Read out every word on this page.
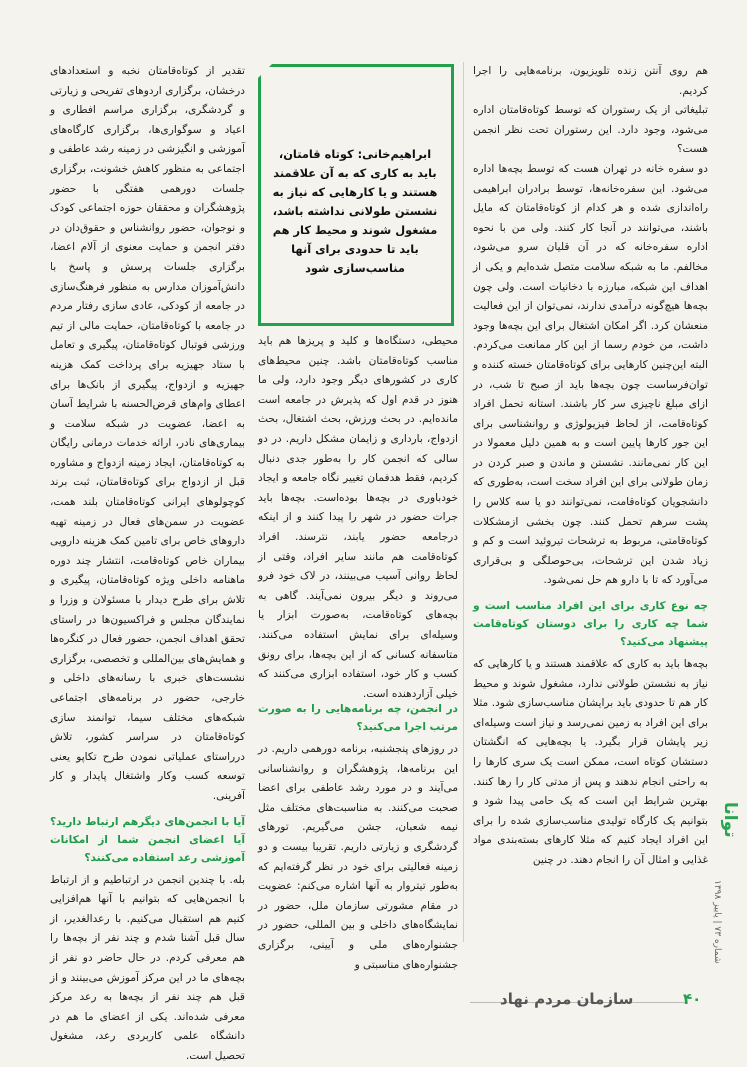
هم روی آنتن زنده تلویزیون، برنامه‌هایی را اجرا کردیم.

تبلیغاتی از یک رستوران که توسط کوتاه‌قامتان اداره می‌شود، وجود دارد. این رستوران تحت نظر انجمن هست؟

دو سفره خانه در تهران هست که توسط بچه‌ها اداره می‌شود. این سفره‌خانه‌ها، توسط برادران ابراهیمی راه‌اندازی شده و هر کدام از کوتاه‌قامتان که مایل باشند، می‌توانند در آنجا کار کنند. ولی من با نحوه اداره سفره‌خانه که در آن قلیان سرو می‌شود، مخالفم. ما به شبکه سلامت متصل شده‌ایم و یکی از اهداف این شبکه، مبارزه با دخانیات است. ولی چون بچه‌ها هیچ‌گونه درآمدی ندارند، نمی‌توان از این فعالیت منعشان کرد. اگر امکان اشتغال برای این بچه‌ها وجود داشت، من خودم رسما از این کار ممانعت می‌کردم. البته این‌چنین کارهایی برای کوتاه‌قامتان خسته کننده و توان‌فرساست چون بچه‌ها باید از صبح تا شب، در ازای مبلغ ناچیزی سر کار باشند. استانه تحمل افراد کوتاه‌قامت، از لحاظ فیزیولوژی و روانشناسی برای این جور کارها پایین است و به همین دلیل معمولا در این کار نمی‌مانند. نشستن و ماندن و صبر کردن در زمان طولانی برای این افراد سخت است، به‌طوری که دانشجویان کوتاه‌قامت، نمی‌توانند دو یا سه کلاس را پشت سرهم تحمل کنند. چون بخشی ازمشکلات کوتاه‌قامتی، مربوط به ترشحات تیروئید است و کم و زیاد شدن این ترشحات، بی‌حوصلگی و بی‌قراری می‌آورد که تا با دارو هم حل نمی‌شود.

چه نوع کاری برای این افراد مناسب است و شما چه کاری را برای دوستان کوتاه‌قامت پیشنهاد می‌کنید؟

بچه‌ها باید به کاری که علاقمند هستند و یا کارهایی که نیاز به نشستن طولانی ندارد، مشغول شوند و محیط کار هم تا حدودی باید برایشان مناسب‌سازی شود. مثلا برای این افراد به زمین نمی‌رسد و نیاز است وسیله‌ای زیر پایشان قرار بگیرد. یا بچه‌هایی که انگشتان دستشان کوتاه است، ممکن است یک سری کارها را به راحتی انجام ندهند و پس از مدتی کار را رها کنند. بهترین شرایط این است که یک حامی پیدا شود و بتوانیم یک کارگاه تولیدی مناسب‌سازی شده را برای این افراد ایجاد کنیم که مثلا کارهای بسته‌بندی مواد غذایی و امثال آن را انجام دهند. در چنین

ابراهیم‌خانی: کوتاه قامتان، باید به کاری که به آن علاقمند هستند و یا کارهایی که نیاز به نشستن طولانی نداشته باشد، مشغول شوند و محیط کار هم باید تا حدودی برای آنها مناسب‌سازی شود

محیطی، دستگاه‌ها و کلید و پریزها هم باید مناسب کوتاه‌قامتان باشد. چنین محیط‌های کاری در کشورهای دیگر وجود دارد، ولی ما هنوز در قدم اول که پذیرش در جامعه است مانده‌ایم. در بحث ورزش، بحث اشتغال، بحث ازدواج، بارداری و زایمان مشکل داریم. در دو سالی که انجمن کار را به‌طور جدی دنبال کردیم، فقط هدفمان تغییر نگاه جامعه و ایجاد خودباوری در بچه‌ها بوده‌است. بچه‌ها باید جرات حضور در شهر را پیدا کنند و از اینکه درجامعه حضور یابند، نترسند. افراد کوتاه‌قامت هم مانند سایر افراد، وقتی از لحاظ روانی آسیب می‌بینند، در لاک خود فرو می‌روند و دیگر بیرون نمی‌آیند. گاهی به بچه‌های کوتاه‌قامت، به‌صورت ابزار یا وسیله‌ای برای نمایش استفاده می‌کنند. متاسفانه کسانی که از این بچه‌ها، برای رونق کسب و کار خود، استفاده ابزاری می‌کنند که خیلی آزاردهنده است.

در انجمن، چه برنامه‌هایی را به صورت مرتب اجرا می‌کنید؟

در روزهای پنجشنبه، برنامه دورهمی داریم. در این برنامه‌ها، پژوهشگران و روانشناسانی می‌آیند و در مورد رشد عاطفی برای اعضا صحبت می‌کنند. به مناسبت‌های مختلف مثل نیمه شعبان، جشن می‌گیریم. تورهای گردشگری و زیارتی داریم. تقریبا بیست و دو زمینه فعالیتی برای خود در نظر گرفته‌ایم که به‌طور تیتروار به آنها اشاره می‌کنم: عضویت در مقام مشورتی سازمان ملل، حضور در نمایشگاه‌های داخلی و بین المللی، حضور در جشنواره‌های ملی و آیینی، برگزاری جشنواره‌های مناسبتی و

تقدیر از کوتاه‌قامتان نخبه و استعدادهای درخشان، برگزاری اردوهای تفریحی و زیارتی و گردشگری، برگزاری مراسم افطاری و اعیاد و سوگواری‌ها، برگزاری کارگاه‌های آموزشی و انگیزشی در زمینه رشد عاطفی و اجتماعی به منظور کاهش خشونت، برگزاری جلسات دورهمی هفتگی با حضور پژوهشگران و محققان حوزه اجتماعی کودک و نوجوان، حضور روانشناس و حقوق‌دان در دفتر انجمن و حمایت معنوی از آلام اعضا، برگزاری جلسات پرسش و پاسخ با دانش‌آموزان مدارس به منظور فرهنگ‌سازی در جامعه از کودکی، عادی سازی رفتار مردم در جامعه با کوتاه‌قامتان، حمایت مالی از تیم ورزشی فوتبال کوتاه‌قامتان، پیگیری و تعامل با ستاد جهیزیه برای پرداخت کمک هزینه جهیزیه و ازدواج، پیگیری از بانک‌ها برای اعطای وام‌های قرض‌الحسنه با شرایط آسان به اعضا، عضویت در شبکه سلامت و بیماری‌های نادر، ارائه خدمات درمانی رایگان به کوتاه‌قامتان، ایجاد زمینه ازدواج و مشاوره قبل از ازدواج برای کوتاه‌قامتان، ثبت برند کوچولوهای ایرانی کوتاه‌قامتان بلند همت، عضویت در سمن‌های فعال در زمینه تهیه داروهای خاص برای تامین کمک هزینه دارویی بیماران خاص کوتاه‌قامت، انتشار چند دوره ماهنامه داخلی ویژه کوتاه‌قامتان، پیگیری و تلاش برای طرح دیدار با مسئولان و وزرا و نمایندگان مجلس و فراکسیون‌ها در راستای تحقق اهداف انجمن، حضور فعال در کنگره‌ها و همایش‌های بین‌المللی و تخصصی، برگزاری نشست‌های خبری با رسانه‌های داخلی و خارجی، حضور در برنامه‌های اجتماعی شبکه‌های مختلف سیما، توانمند سازی کوتاه‌قامتان در سراسر کشور، تلاش درراستای عملیاتی نمودن طرح تکاپو یعنی توسعه کسب وکار واشتغال پایدار و کار آفرینی.

آیا با انجمن‌های دیگرهم ارتباط دارید؟آیا اعضای انجمن شما از امکانات آموزشی رعد استفاده می‌کنند؟

بله. با چندین انجمن در ارتباطیم و از ارتباط با انجمن‌هایی که بتوانیم با آنها هم‌افزایی کنیم هم استقبال می‌کنیم. با رعدالغدیر، از سال قبل آشنا شدم و چند نفر از بچه‌ها را هم معرفی کردم. در حال حاضر دو نفر از بچه‌های ما در این مرکز آموزش می‌بینند و از قبل هم چند نفر از بچه‌ها به رعد مرکز معرفی شده‌اند. یکی از اعضای ما هم در دانشگاه علمی کاربردی رعد، مشغول تحصیل است.

توانا
شماره ۷۳ | پاییز ۱۳۹۸
سازمان مردم نهاد	۴۰
